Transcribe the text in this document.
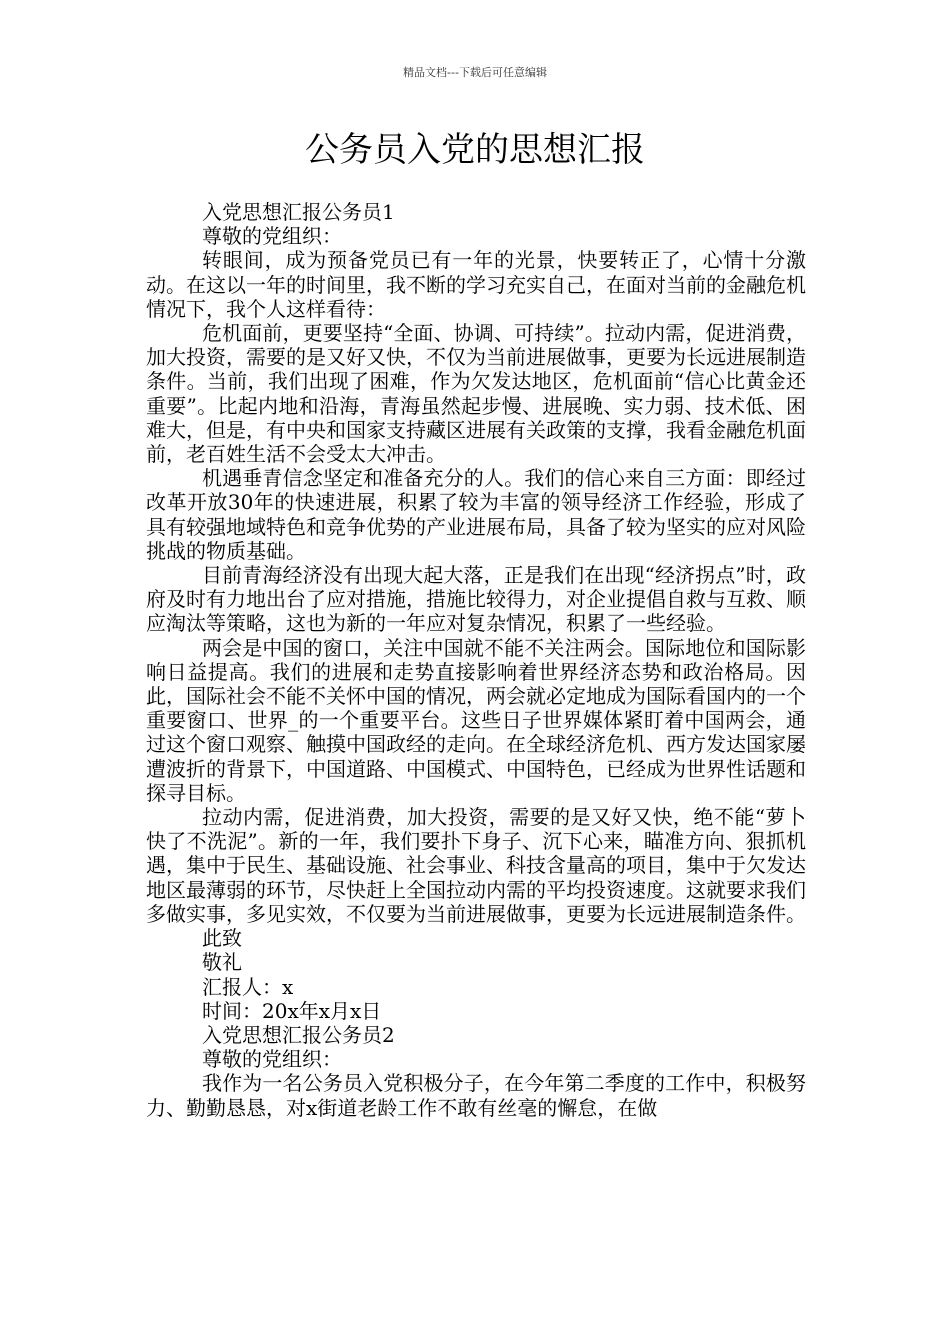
精品文档---下载后可任意编辑
公务员入党的思想汇报

入党思想汇报公务员1

尊敬的党组织：

转眼间，成为预备党员已有一年的光景，快要转正了，心情十分激动。在这以一年的时间里，我不断的学习充实自己，在面对当前的金融危机情况下，我个人这样看待：

危机面前，更要坚持“全面、协调、可持续”。拉动内需，促进消费，加大投资，需要的是又好又快，不仅为当前进展做事，更要为长远进展制造条件。当前，我们出现了困难，作为欠发达地区，危机面前“信心比黄金还重要”。比起内地和沿海，青海虽然起步慢、进展晚、实力弱、技术低、困难大，但是，有中央和国家支持藏区进展有关政策的支撑，我看金融危机面前，老百姓生活不会受太大冲击。

机遇垂青信念坚定和准备充分的人。我们的信心来自三方面：即经过改革开放30年的快速进展，积累了较为丰富的领导经济工作经验，形成了具有较强地域特色和竞争优势的产业进展布局，具备了较为坚实的应对风险挑战的物质基础。

目前青海经济没有出现大起大落，正是我们在出现“经济拐点”时，政府及时有力地出台了应对措施，措施比较得力，对企业提倡自救与互救、顺应淘汰等策略，这也为新的一年应对复杂情况，积累了一些经验。

两会是中国的窗口，关注中国就不能不关注两会。国际地位和国际影响日益提高。我们的进展和走势直接影响着世界经济态势和政治格局。因此，国际社会不能不关怀中国的情况，两会就必定地成为国际看国内的一个重要窗口、世界_的一个重要平台。这些日子世界媒体紧盯着中国两会，通过这个窗口观察、触摸中国政经的走向。在全球经济危机、西方发达国家屡遭波折的背景下，中国道路、中国模式、中国特色，已经成为世界性话题和探寻目标。

拉动内需，促进消费，加大投资，需要的是又好又快，绝不能“萝卜快了不洗泥”。新的一年，我们要扑下身子、沉下心来，瞄准方向、狠抓机遇，集中于民生、基础设施、社会事业、科技含量高的项目，集中于欠发达地区最薄弱的环节，尽快赶上全国拉动内需的平均投资速度。这就要求我们多做实事，多见实效，不仅要为当前进展做事，更要为长远进展制造条件。

此致

敬礼

汇报人：x

时间：20x年x月x日

入党思想汇报公务员2

尊敬的党组织：

我作为一名公务员入党积极分子，在今年第二季度的工作中，积极努力、勤勤恳恳，对x街道老龄工作不敢有丝毫的懈怠，在做
